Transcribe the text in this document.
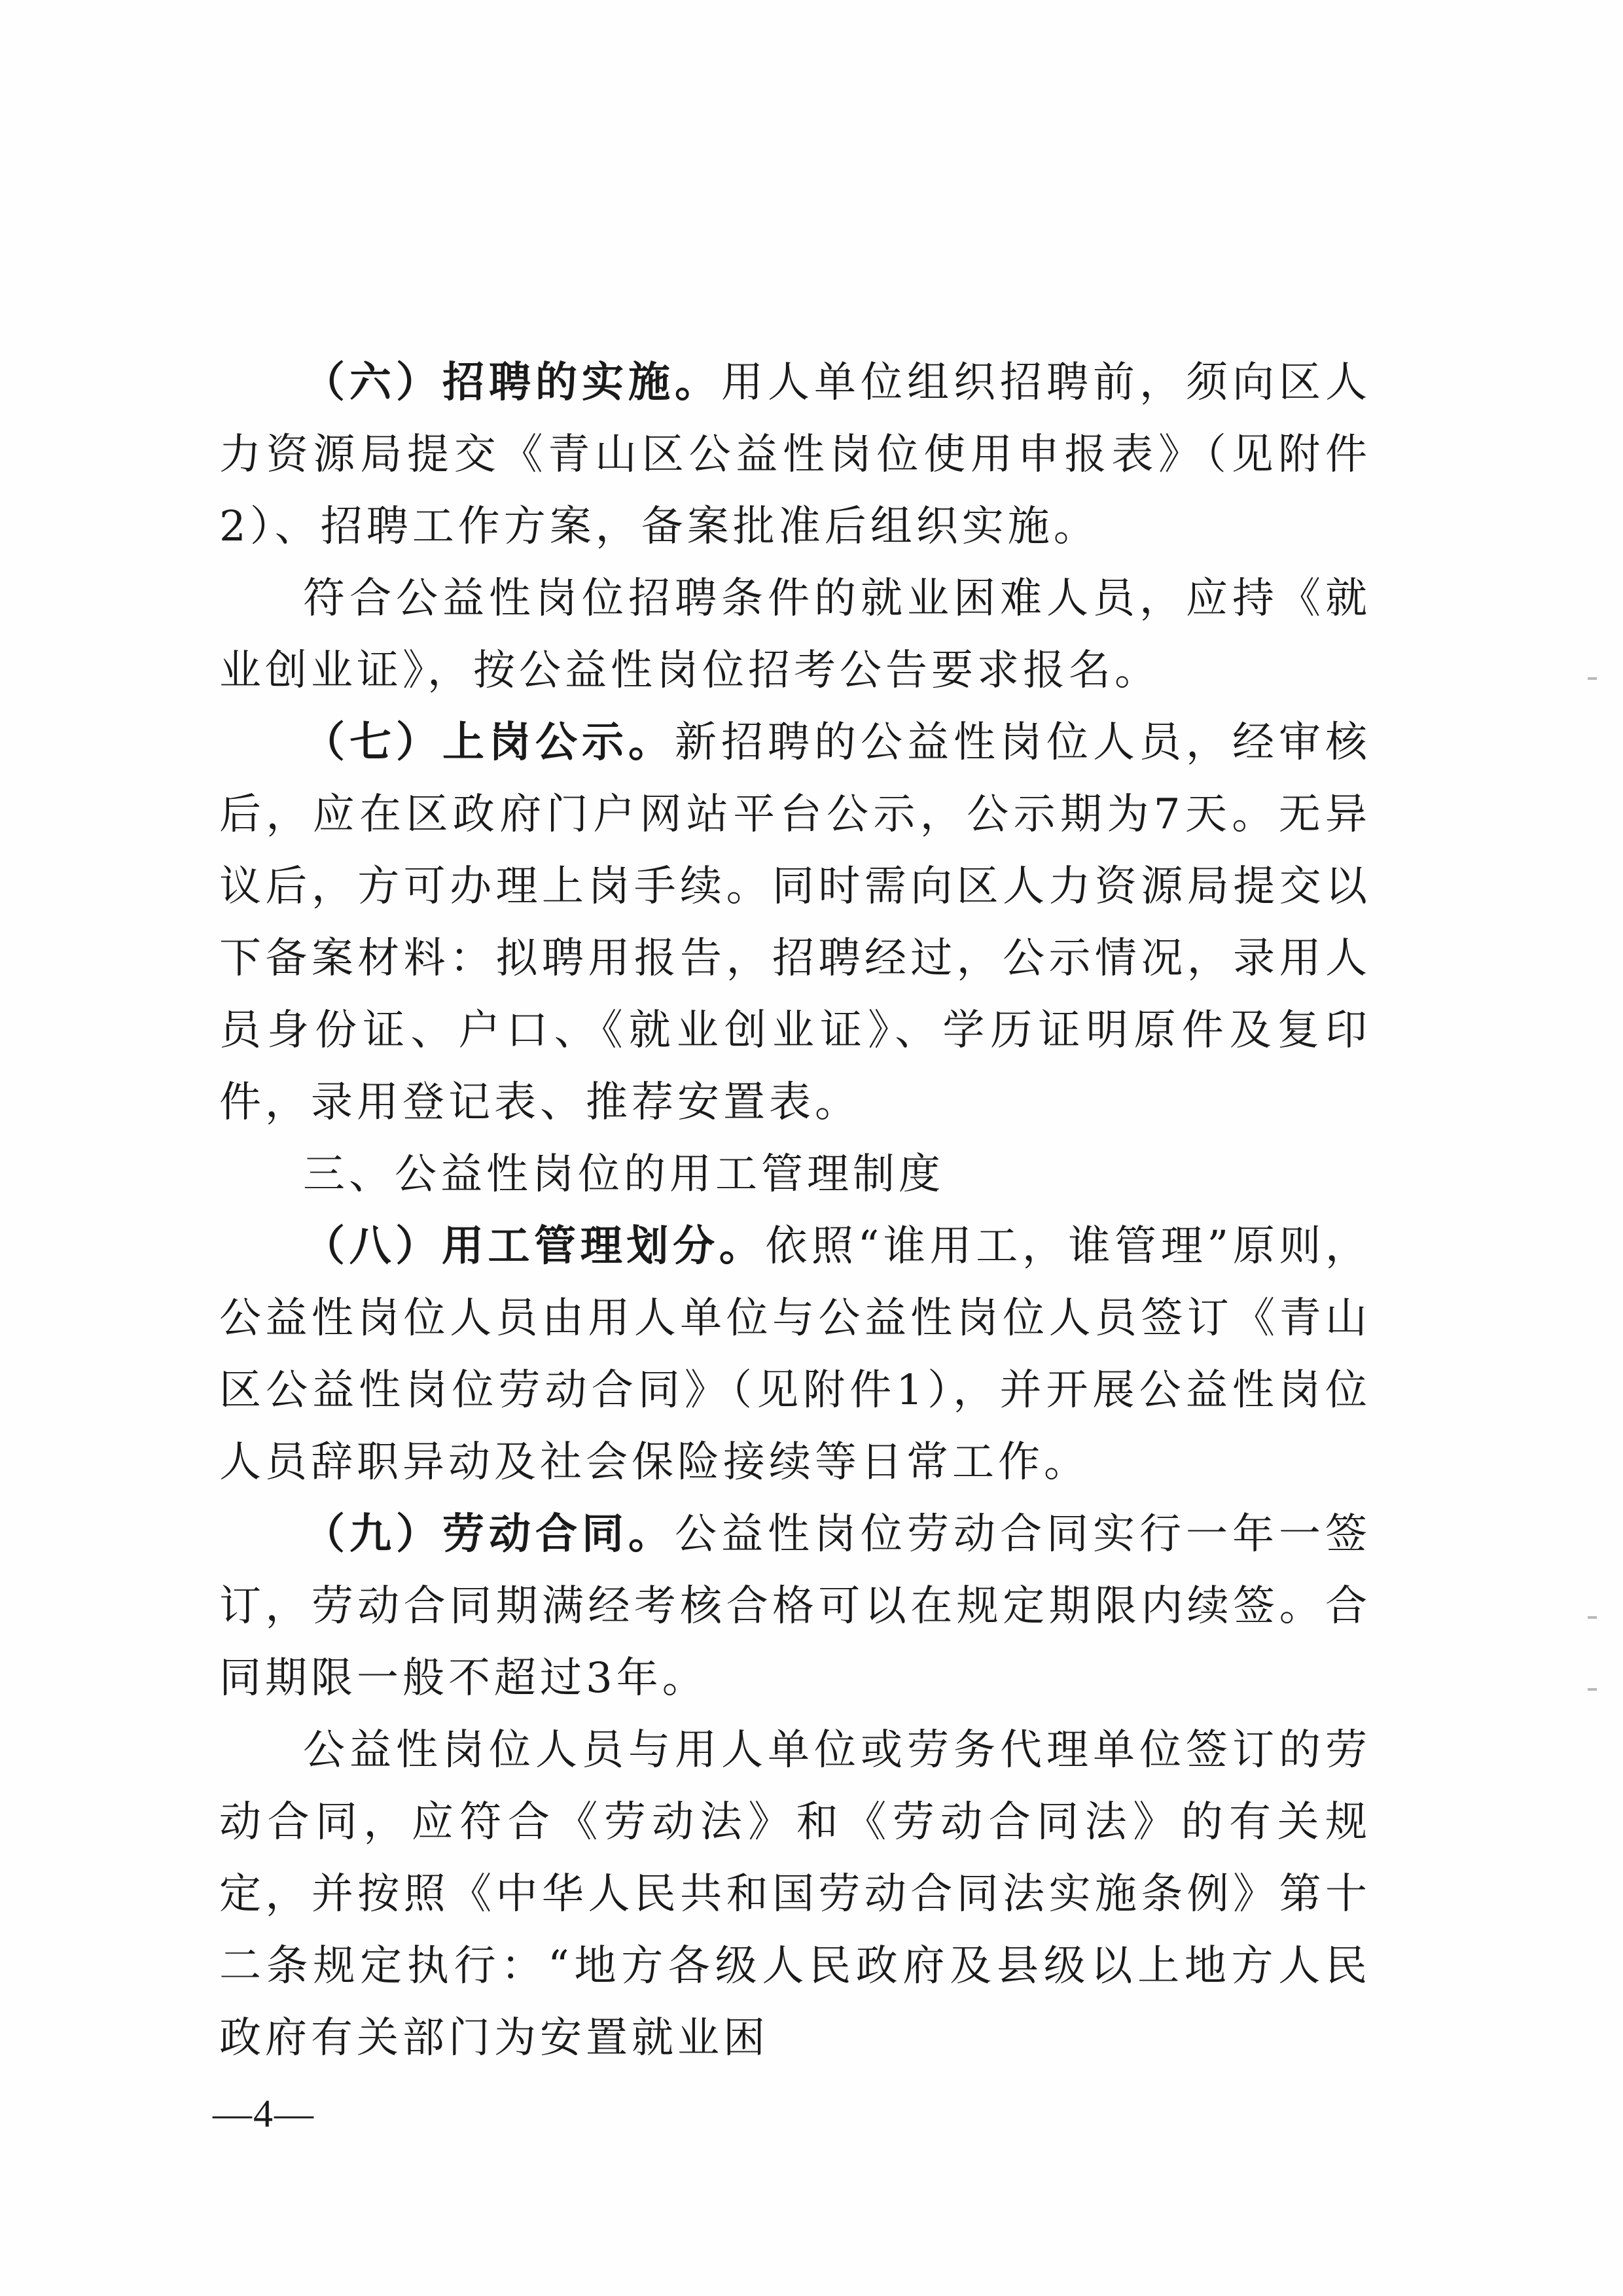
（六）招聘的实施。用人单位组织招聘前，须向区人力资源局提交《青山区公益性岗位使用申报表》（见附件2）、招聘工作方案，备案批准后组织实施。

符合公益性岗位招聘条件的就业困难人员，应持《就业创业证》，按公益性岗位招考公告要求报名。

（七）上岗公示。新招聘的公益性岗位人员，经审核后，应在区政府门户网站平台公示，公示期为7天。无异议后，方可办理上岗手续。同时需向区人力资源局提交以下备案材料：拟聘用报告，招聘经过，公示情况，录用人员身份证、户口、《就业创业证》、学历证明原件及复印件，录用登记表、推荐安置表。

三、公益性岗位的用工管理制度

（八）用工管理划分。依照“谁用工，谁管理”原则，公益性岗位人员由用人单位与公益性岗位人员签订《青山区公益性岗位劳动合同》（见附件1），并开展公益性岗位人员辞职异动及社会保险接续等日常工作。

（九）劳动合同。公益性岗位劳动合同实行一年一签订，劳动合同期满经考核合格可以在规定期限内续签。合同期限一般不超过3年。

公益性岗位人员与用人单位或劳务代理单位签订的劳动合同，应符合《劳动法》和《劳动合同法》的有关规定，并按照《中华人民共和国劳动合同法实施条例》第十二条规定执行：“地方各级人民政府及县级以上地方人民政府有关部门为安置就业困

—4—
